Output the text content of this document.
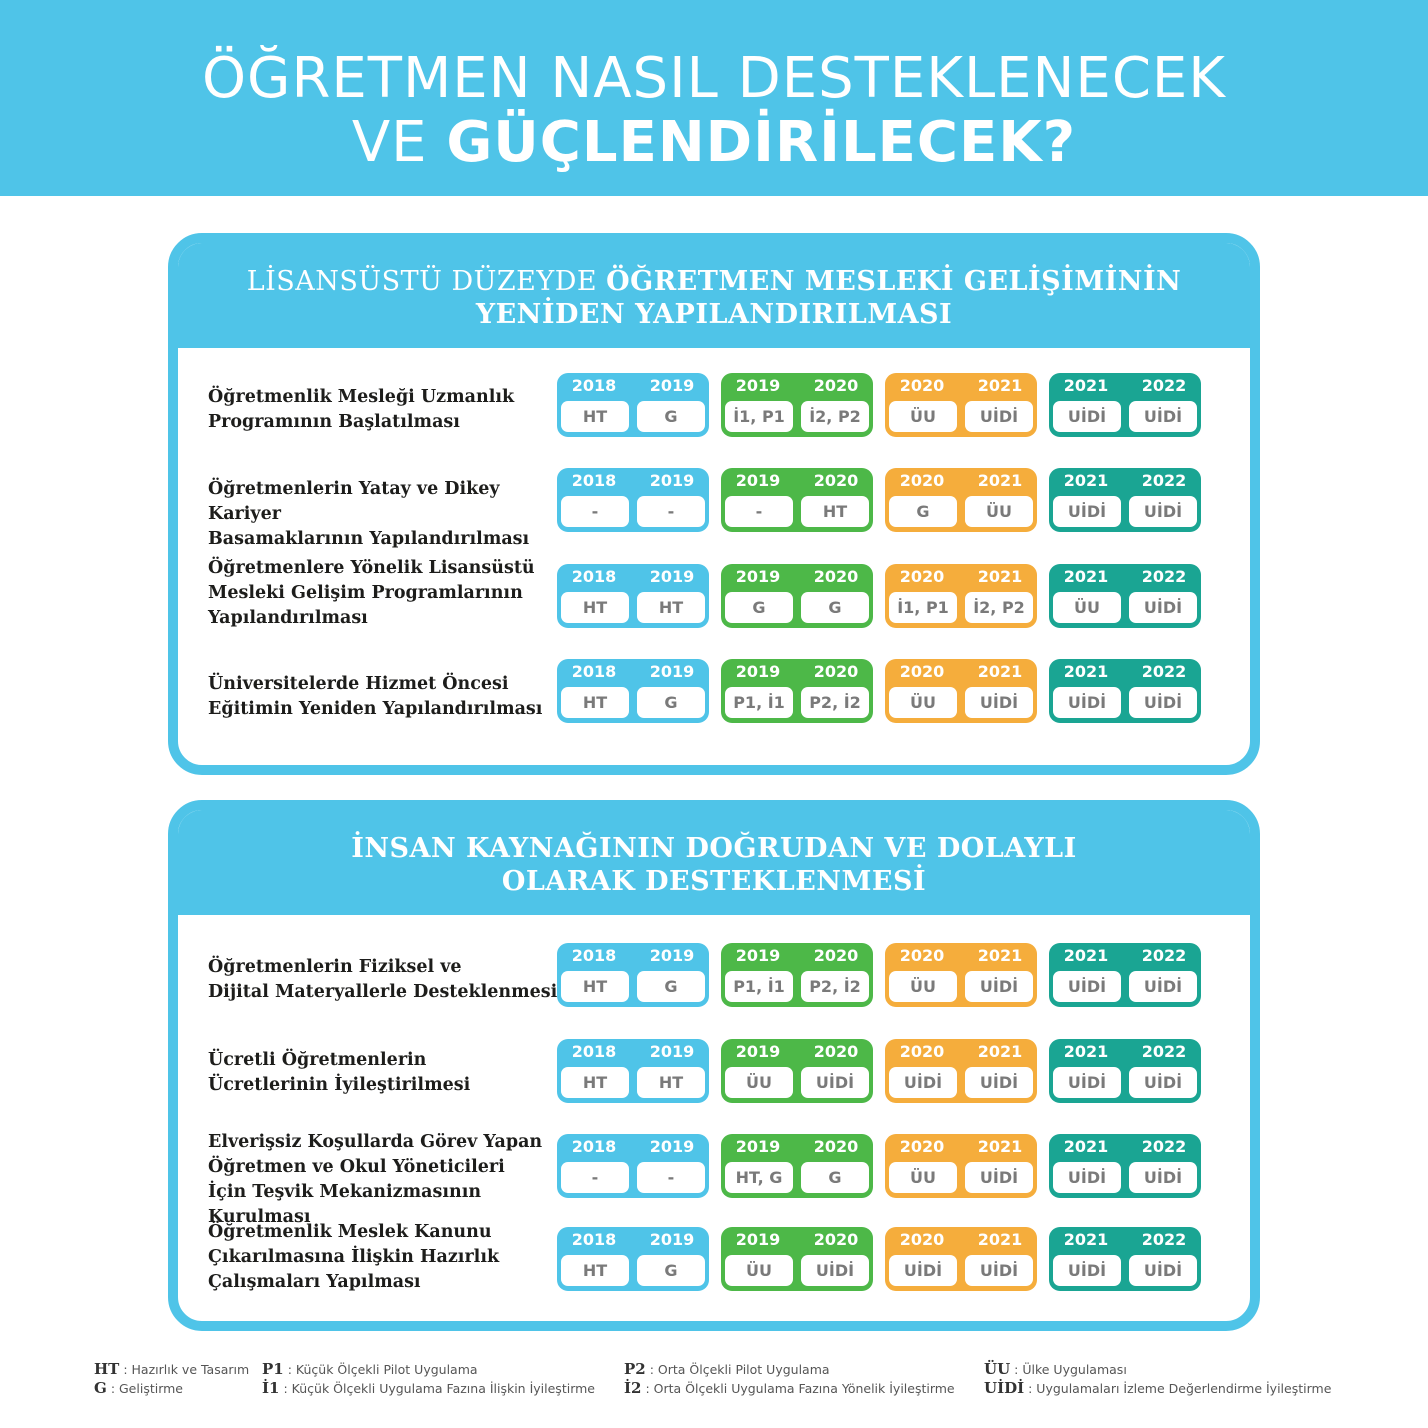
ÖĞRETMEN NASIL DESTEKLENECEK
VE GÜÇLENDİRİLECEK?
LİSANSÜSTÜ DÜZEYDE ÖĞRETMEN MESLEKİ GELİŞİMİNİN
YENİDEN YAPILANDIRILMASI
Öğretmenlik Mesleği Uzmanlık
Programının Başlatılması
2018	2019
HT	G
2019	2020
İ1, P1	İ2, P2
2020	2021
ÜU	UİDİ
2021	2022
UİDİ	UİDİ
Öğretmenlerin Yatay ve Dikey Kariyer
Basamaklarının Yapılandırılması
2018	2019
-	-
2019	2020
-	HT
2020	2021
G	ÜU
2021	2022
UİDİ	UİDİ
Öğretmenlere Yönelik Lisansüstü
Mesleki Gelişim Programlarının
Yapılandırılması
2018	2019
HT	HT
2019	2020
G	G
2020	2021
İ1, P1	İ2, P2
2021	2022
ÜU	UİDİ
Üniversitelerde Hizmet Öncesi
Eğitimin Yeniden Yapılandırılması
2018	2019
HT	G
2019	2020
P1, İ1	P2, İ2
2020	2021
ÜU	UİDİ
2021	2022
UİDİ	UİDİ
İNSAN KAYNAĞININ DOĞRUDAN VE DOLAYLI
OLARAK DESTEKLENMESİ
Öğretmenlerin Fiziksel ve
Dijital Materyallerle Desteklenmesi
2018	2019
HT	G
2019	2020
P1, İ1	P2, İ2
2020	2021
ÜU	UİDİ
2021	2022
UİDİ	UİDİ
Ücretli Öğretmenlerin
Ücretlerinin İyileştirilmesi
2018	2019
HT	HT
2019	2020
ÜU	UİDİ
2020	2021
UİDİ	UİDİ
2021	2022
UİDİ	UİDİ
Elverişsiz Koşullarda Görev Yapan
Öğretmen ve Okul Yöneticileri
İçin Teşvik Mekanizmasının Kurulması
2018	2019
-	-
2019	2020
HT, G	G
2020	2021
ÜU	UİDİ
2021	2022
UİDİ	UİDİ
Öğretmenlik Meslek Kanunu
Çıkarılmasına İlişkin Hazırlık
Çalışmaları Yapılması
2018	2019
HT	G
2019	2020
ÜU	UİDİ
2020	2021
UİDİ	UİDİ
2021	2022
UİDİ	UİDİ
HT : Hazırlık ve Tasarım
G : Geliştirme
P1 : Küçük Ölçekli Pilot Uygulama
İ1 : Küçük Ölçekli Uygulama Fazına İlişkin İyileştirme
P2 : Orta Ölçekli Pilot Uygulama
İ2 : Orta Ölçekli Uygulama Fazına Yönelik İyileştirme
ÜU : Ülke Uygulaması
UİDİ : Uygulamaları İzleme Değerlendirme İyileştirme
